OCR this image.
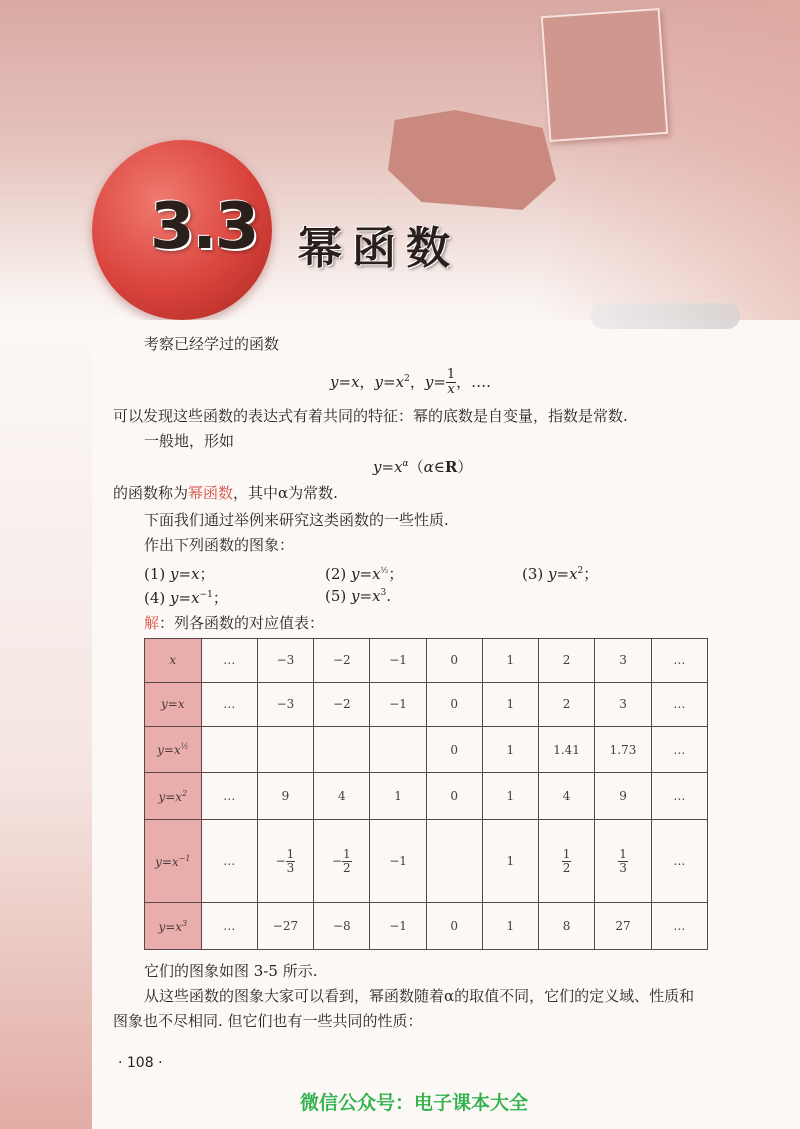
3.3 幂函数
考察已经学过的函数
y=x，$y=x^2$，$y= \frac{1}{x}$ ，….
可以发现这些函数的表达式有着共同的特征：幂的底数是自变量，指数是常数.
一般地，形如
$y=x^\alpha(\alpha\in R)$
的函数称为幂函数，其中α为常数.
下面我们通过举例来研究这类函数的一些性质.
作出下列函数的图象：
(1) y=x；	(2) $y=x^{\frac{1}{2}}$；	(3) $y=x^2$；
(4) $y=x^{-1}$；	(5) $y=x^3$.
解：列各函数的对应值表：
x	…	−3	−2	−1	0	1	2	3	…
y=x	…	−3	−2	−1	0	1	2	3	…
$y=x^{\frac{1}{2}}$					0	1	1.41	1.73	…
$y=x^2$	…	9	4	1	0	1	4	9	…
$y=x^{-1}$	…	− $\frac{1}{3}$	− $\frac{1}{2}$	−1		1	$\frac{1}{2}$	$\frac{1}{3}$	…
$y=x^3$	…	−27	−8	−1	0	1	8	27	…
它们的图象如图 3-5 所示.
从这些函数的图象大家可以看到，幂函数随着α的取值不同，它们的定义域、性质和
图象也不尽相同. 但它们也有一些共同的性质：
· 108 ·
微信公众号：电子课本大全
